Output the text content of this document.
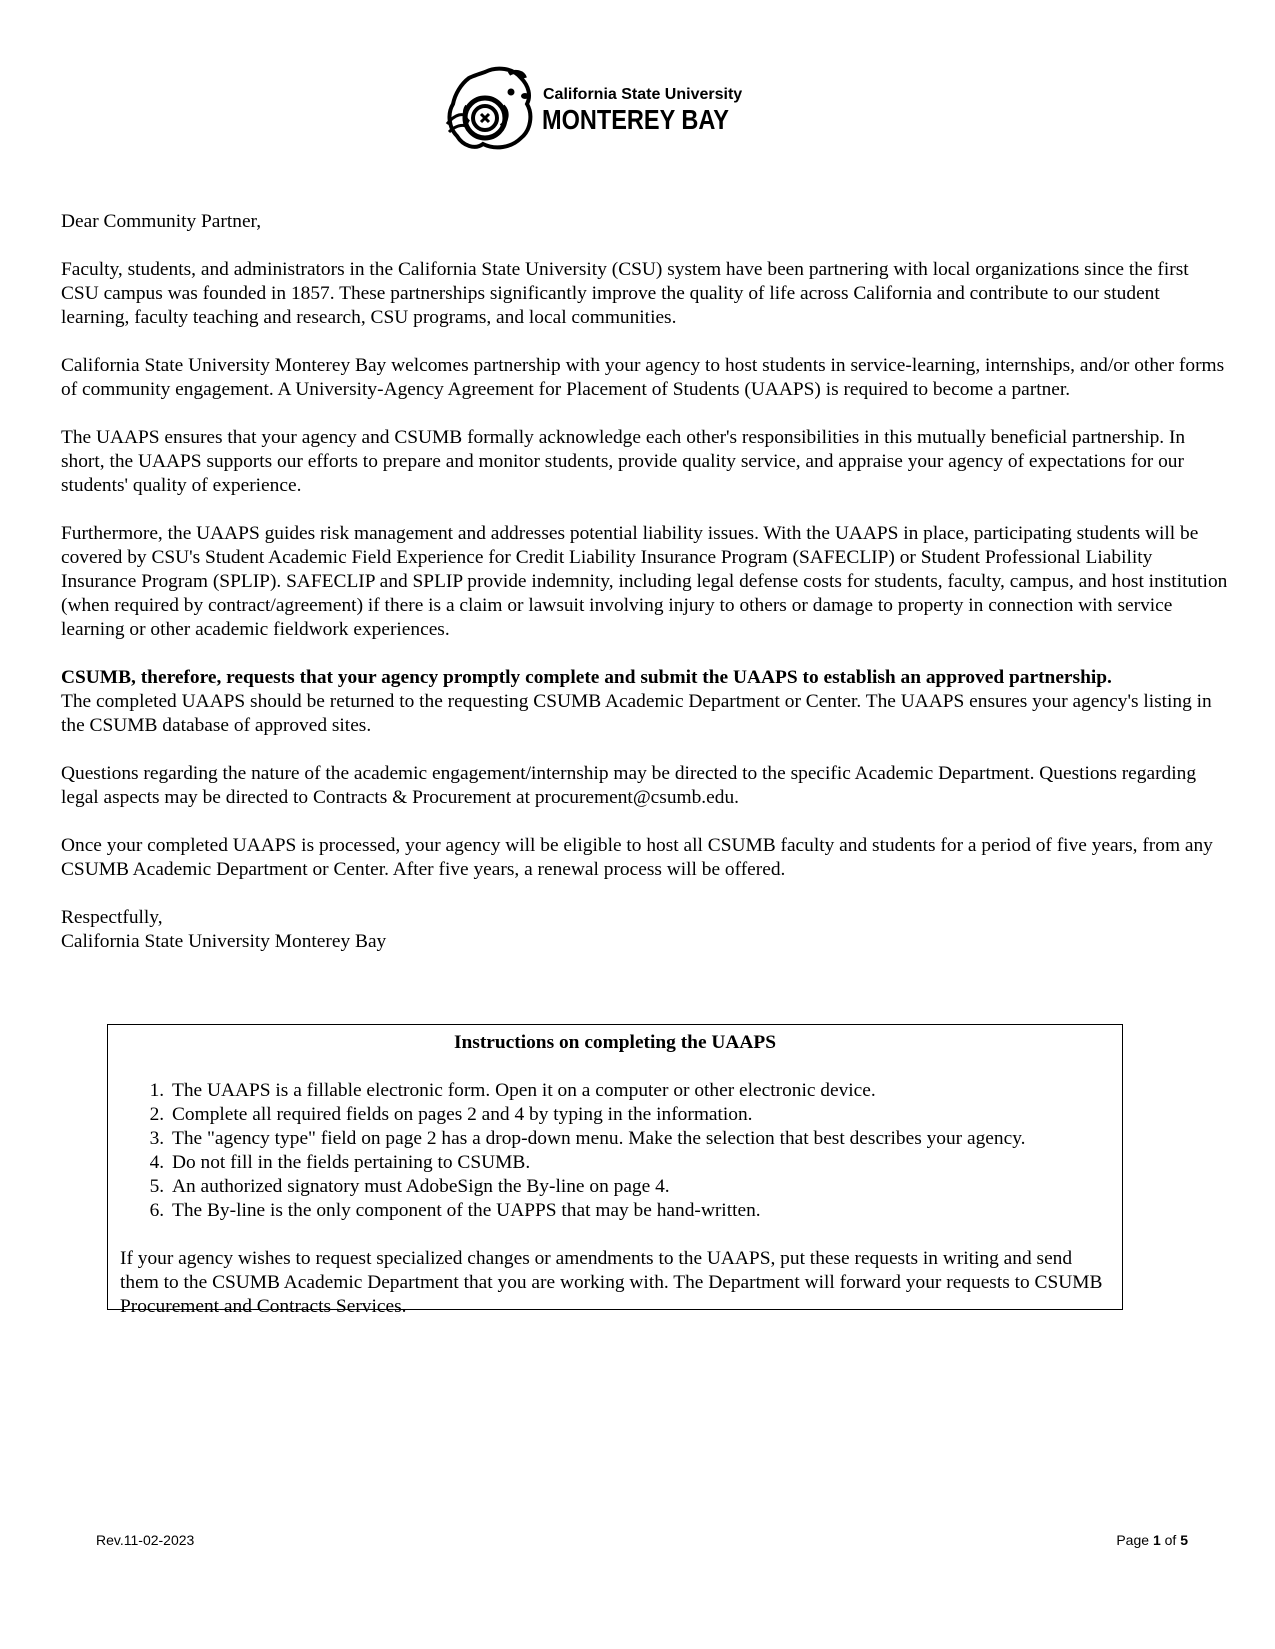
California State University
MONTEREY BAY

Dear Community Partner,

Faculty, students, and administrators in the California State University (CSU) system have been partnering with local organizations since the first CSU campus was founded in 1857. These partnerships significantly improve the quality of life across California and contribute to our student learning, faculty teaching and research, CSU programs, and local communities.

California State University Monterey Bay welcomes partnership with your agency to host students in service-learning, internships, and/or other forms of community engagement. A University-Agency Agreement for Placement of Students (UAAPS) is required to become a partner.

The UAAPS ensures that your agency and CSUMB formally acknowledge each other's responsibilities in this mutually beneficial partnership. In short, the UAAPS supports our efforts to prepare and monitor students, provide quality service, and appraise your agency of expectations for our students' quality of experience.

Furthermore, the UAAPS guides risk management and addresses potential liability issues. With the UAAPS in place, participating students will be covered by CSU's Student Academic Field Experience for Credit Liability Insurance Program (SAFECLIP) or Student Professional Liability Insurance Program (SPLIP). SAFECLIP and SPLIP provide indemnity, including legal defense costs for students, faculty, campus, and host institution (when required by contract/agreement) if there is a claim or lawsuit involving injury to others or damage to property in connection with service learning or other academic fieldwork experiences.

CSUMB, therefore, requests that your agency promptly complete and submit the UAAPS to establish an approved partnership.
The completed UAAPS should be returned to the requesting CSUMB Academic Department or Center. The UAAPS ensures your agency's listing in the CSUMB database of approved sites.

Questions regarding the nature of the academic engagement/internship may be directed to the specific Academic Department. Questions regarding legal aspects may be directed to Contracts & Procurement at procurement@csumb.edu.

Once your completed UAAPS is processed, your agency will be eligible to host all CSUMB faculty and students for a period of five years, from any CSUMB Academic Department or Center. After five years, a renewal process will be offered.

Respectfully,

California State University Monterey Bay

Instructions on completing the UAAPS
1. The UAAPS is a fillable electronic form. Open it on a computer or other electronic device.
2. Complete all required fields on pages 2 and 4 by typing in the information.
3. The "agency type" field on page 2 has a drop-down menu. Make the selection that best describes your agency.
4. Do not fill in the fields pertaining to CSUMB.
5. An authorized signatory must AdobeSign the By-line on page 4.
6. The By-line is the only component of the UAPPS that may be hand-written.

If your agency wishes to request specialized changes or amendments to the UAAPS, put these requests in writing and send them to the CSUMB Academic Department that you are working with. The Department will forward your requests to CSUMB Procurement and Contracts Services.

Rev.11-02-2023	Page 1 of 5
